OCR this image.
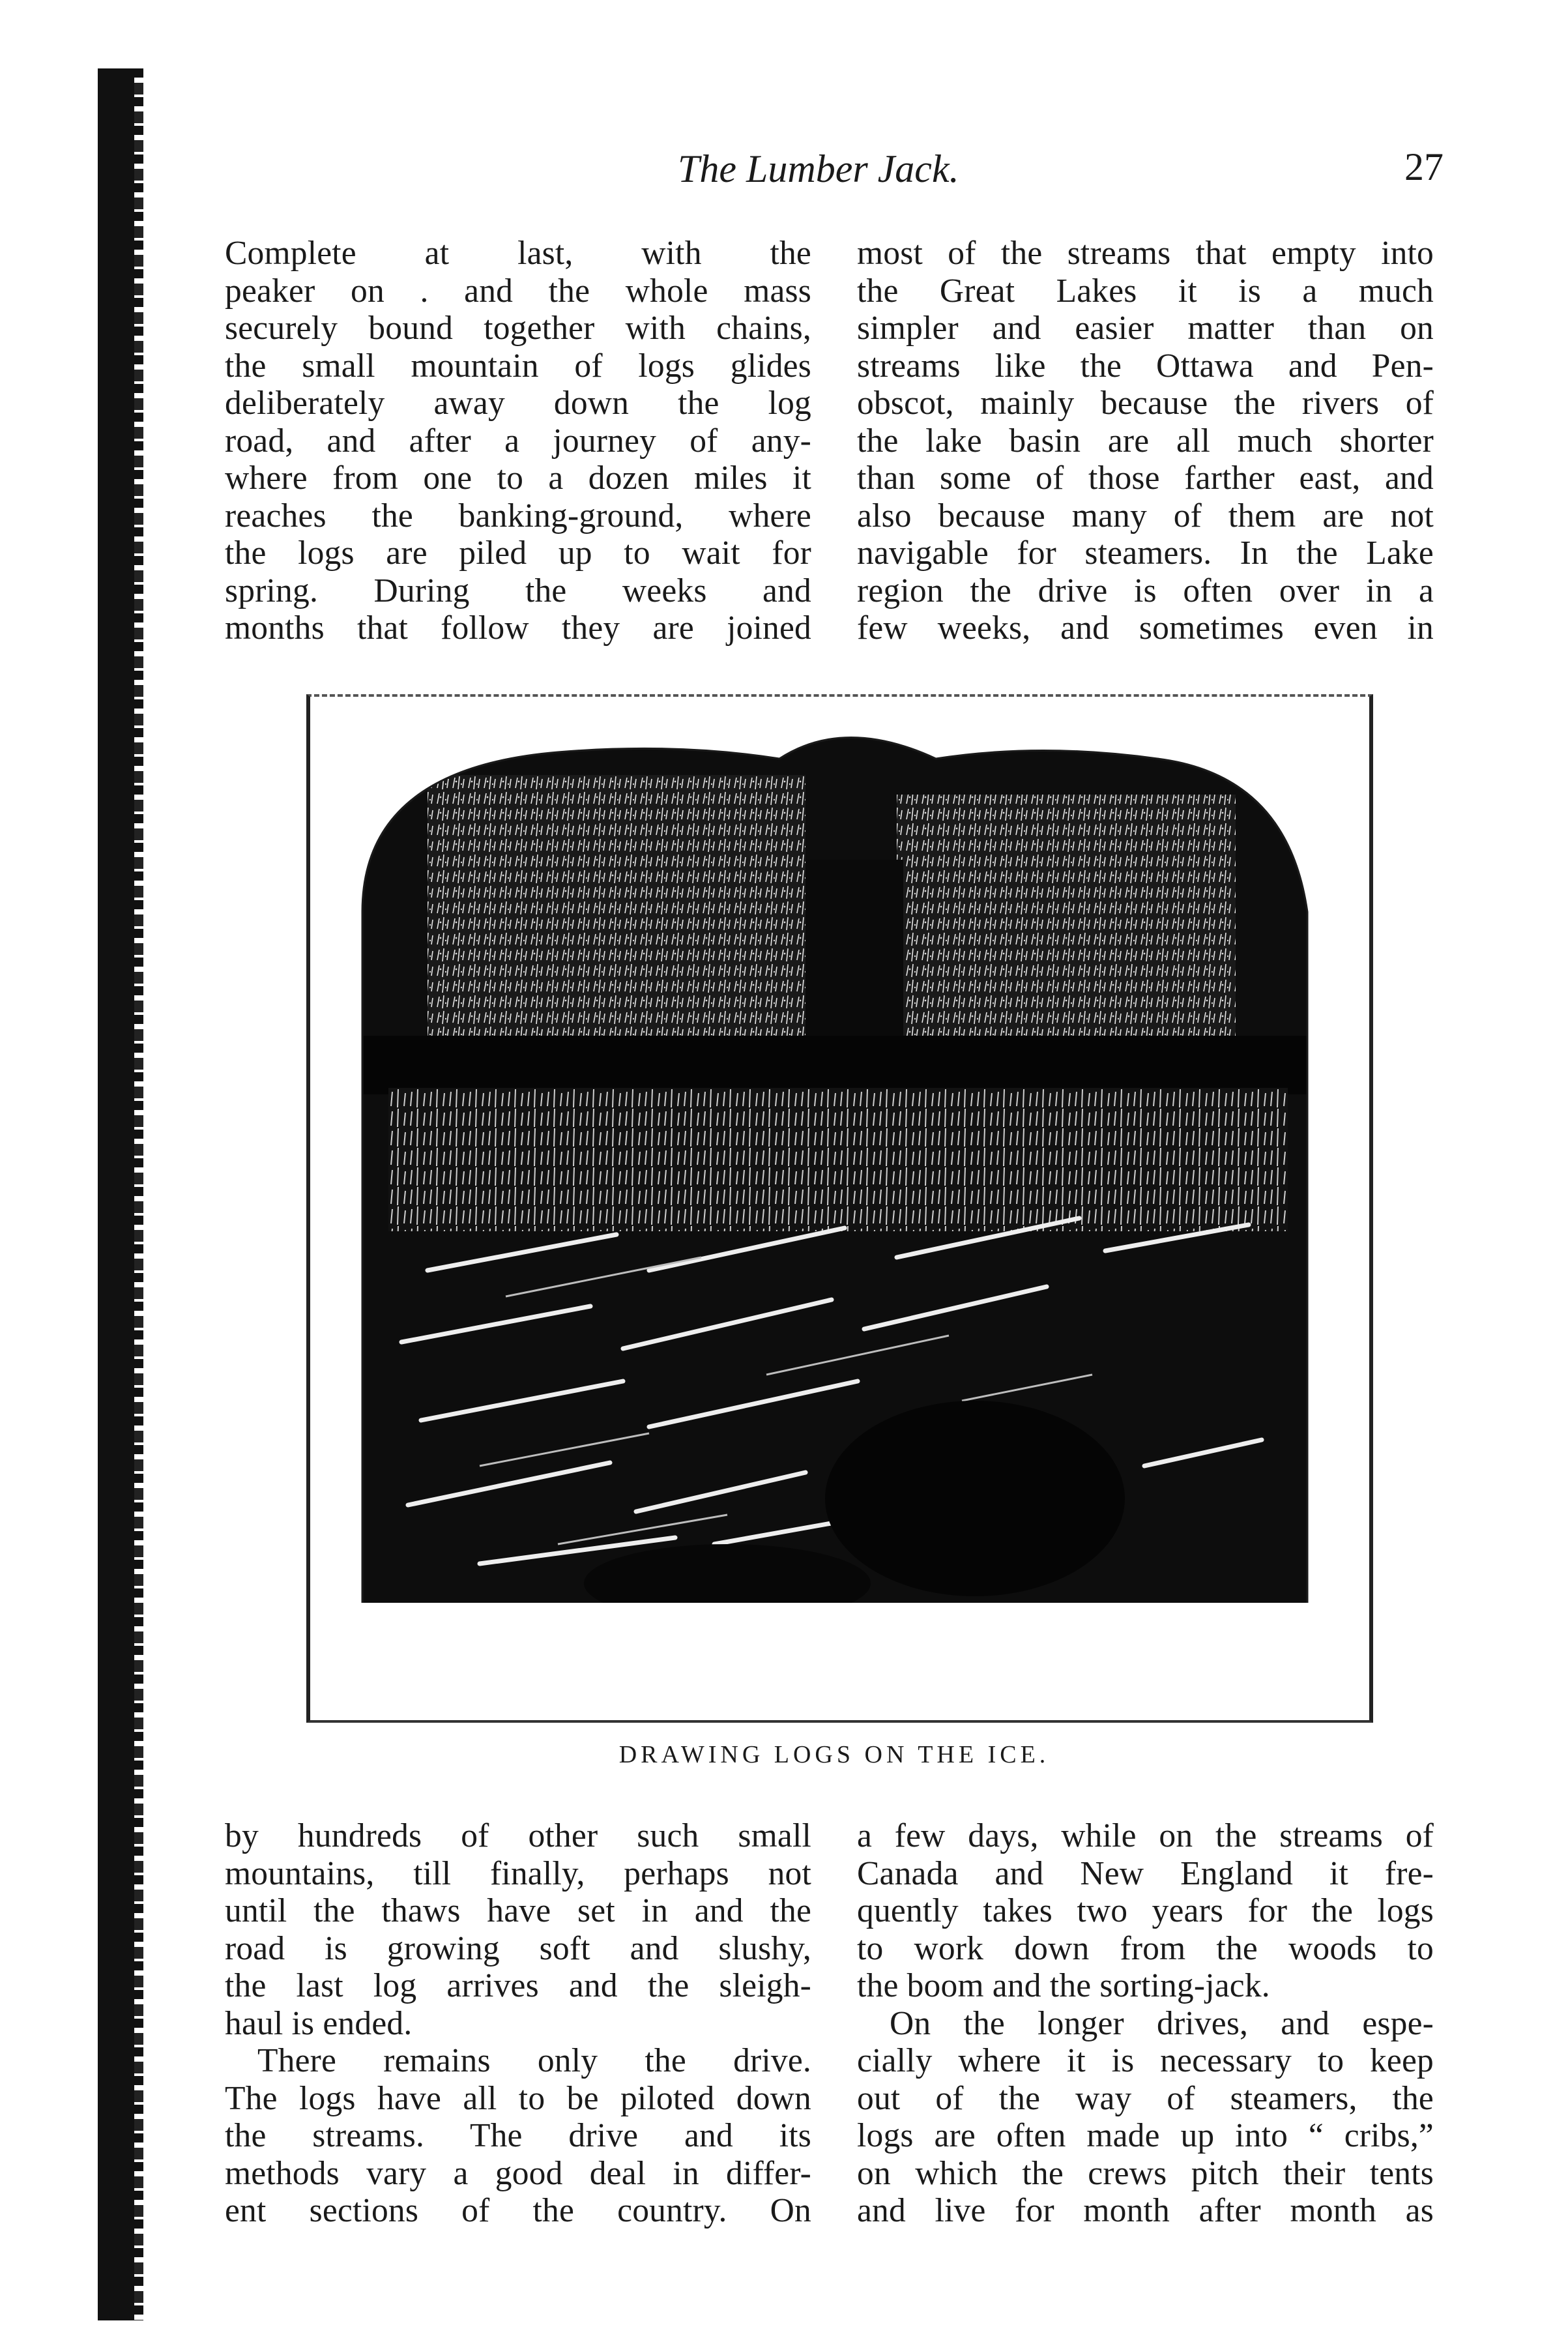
The Lumber Jack.	27
Complete at last, with the
peaker on . and the whole mass
securely bound together with chains,
the small mountain of logs glides
deliberately away down the log
road, and after a journey of any-
where from one to a dozen miles it
reaches the banking-ground, where
the logs are piled up to wait for
spring. During the weeks and
months that follow they are joined
most of the streams that empty into
the Great Lakes it is a much
simpler and easier matter than on
streams like the Ottawa and Pen-
obscot, mainly because the rivers of
the lake basin are all much shorter
than some of those farther east, and
also because many of them are not
navigable for steamers. In the Lake
region the drive is often over in a
few weeks, and sometimes even in
DRAWING LOGS ON THE ICE.
by hundreds of other such small
mountains, till finally, perhaps not
until the thaws have set in and the
road is growing soft and slushy,
the last log arrives and the sleigh-
haul is ended.
There remains only the drive.
The logs have all to be piloted down
the streams. The drive and its
methods vary a good deal in differ-
ent sections of the country. On
a few days, while on the streams of
Canada and New England it fre-
quently takes two years for the logs
to work down from the woods to
the boom and the sorting-jack.
On the longer drives, and espe-
cially where it is necessary to keep
out of the way of steamers, the
logs are often made up into “ cribs,”
on which the crews pitch their tents
and live for month after month as
